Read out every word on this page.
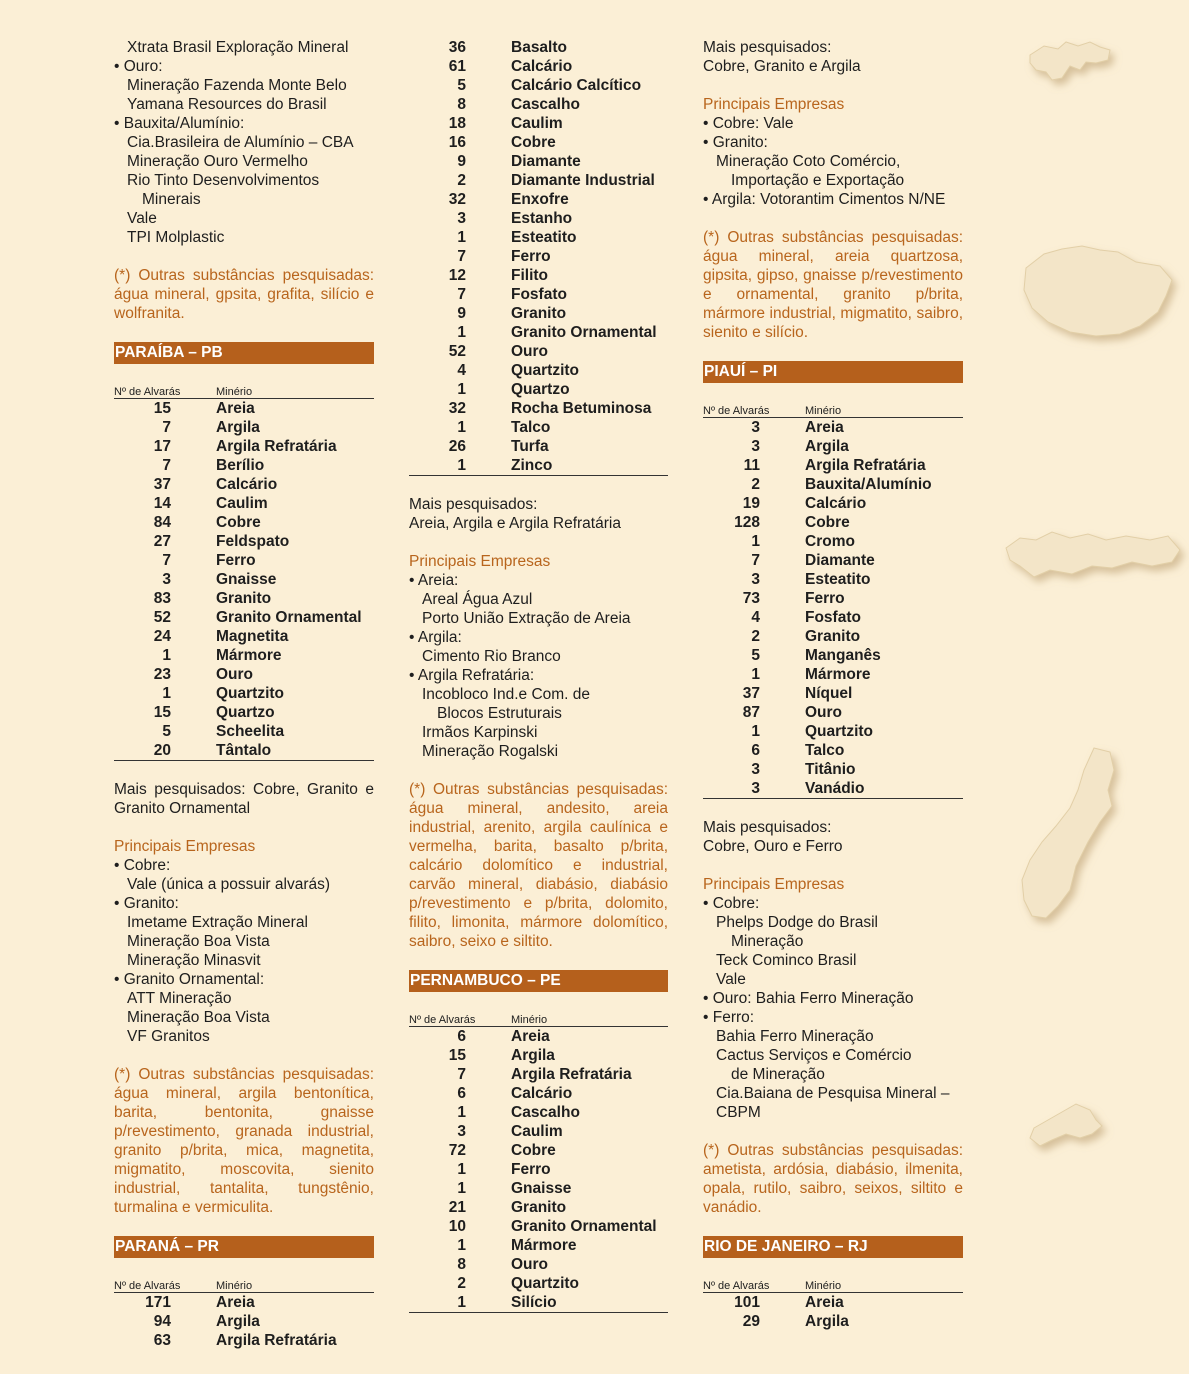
Xtrata Brasil Exploração Mineral
• Ouro:
Mineração Fazenda Monte Belo
Yamana Resources do Brasil
• Bauxita/Alumínio:
Cia.Brasileira de Alumínio – CBA
Mineração Ouro Vermelho
Rio Tinto Desenvolvimentos
Minerais
Vale
TPI Molplastic
(*) Outras substâncias pesquisadas: água mineral, gpsita, grafita, silício e wolfranita.
PARAÍBA – PB
Nº de Alvarás	Minério
15	Areia
7	Argila
17	Argila Refratária
7	Berílio
37	Calcário
14	Caulim
84	Cobre
27	Feldspato
7	Ferro
3	Gnaisse
83	Granito
52	Granito Ornamental
24	Magnetita
1	Mármore
23	Ouro
1	Quartzito
15	Quartzo
5	Scheelita
20	Tântalo
Mais pesquisados: Cobre, Granito e Granito Ornamental
Principais Empresas
• Cobre:
Vale (única a possuir alvarás)
• Granito:
Imetame Extração Mineral
Mineração Boa Vista
Mineração Minasvit
• Granito Ornamental:
ATT Mineração
Mineração Boa Vista
VF Granitos
(*) Outras substâncias pesquisadas: água mineral, argila bentonítica, barita, bentonita, gnaisse p/revestimento, granada industrial, granito p/brita, mica, magnetita, migmatito, moscovita, sienito industrial, tantalita, tungstênio, turmalina e vermiculita.
PARANÁ – PR
Nº de Alvarás	Minério
171	Areia
94	Argila
63	Argila Refratária
36	Basalto
61	Calcário
5	Calcário Calcítico
8	Cascalho
18	Caulim
16	Cobre
9	Diamante
2	Diamante Industrial
32	Enxofre
3	Estanho
1	Esteatito
7	Ferro
12	Filito
7	Fosfato
9	Granito
1	Granito Ornamental
52	Ouro
4	Quartzito
1	Quartzo
32	Rocha Betuminosa
1	Talco
26	Turfa
1	Zinco
Mais pesquisados:
Areia, Argila e Argila Refratária
Principais Empresas
• Areia:
Areal Água Azul
Porto União Extração de Areia
• Argila:
Cimento Rio Branco
• Argila Refratária:
Incobloco Ind.e Com. de
Blocos Estruturais
Irmãos Karpinski
Mineração Rogalski
(*) Outras substâncias pesquisadas: água mineral, andesito, areia industrial, arenito, argila caulínica e vermelha, barita, basalto p/brita, calcário dolomítico e industrial, carvão mineral, diabásio, diabásio p/revestimento e p/brita, dolomito, filito, limonita, mármore dolomítico, saibro, seixo e siltito.
PERNAMBUCO – PE
Nº de Alvarás	Minério
6	Areia
15	Argila
7	Argila Refratária
6	Calcário
1	Cascalho
3	Caulim
72	Cobre
1	Ferro
1	Gnaisse
21	Granito
10	Granito Ornamental
1	Mármore
8	Ouro
2	Quartzito
1	Silício
Mais pesquisados:
Cobre, Granito e Argila
Principais Empresas
• Cobre: Vale
• Granito:
Mineração Coto Comércio,
Importação e Exportação
• Argila: Votorantim Cimentos N/NE
(*) Outras substâncias pesquisadas: água mineral, areia quartzosa, gipsita, gipso, gnaisse p/revestimento e ornamental, granito p/brita, mármore industrial, migmatito, saibro, sienito e silício.
PIAUÍ – PI
Nº de Alvarás	Minério
3	Areia
3	Argila
11	Argila Refratária
2	Bauxita/Alumínio
19	Calcário
128	Cobre
1	Cromo
7	Diamante
3	Esteatito
73	Ferro
4	Fosfato
2	Granito
5	Manganês
1	Mármore
37	Níquel
87	Ouro
1	Quartzito
6	Talco
3	Titânio
3	Vanádio
Mais pesquisados:
Cobre, Ouro e Ferro
Principais Empresas
• Cobre:
Phelps Dodge do Brasil
Mineração
Teck Cominco Brasil
Vale
• Ouro: Bahia Ferro Mineração
• Ferro:
Bahia Ferro Mineração
Cactus Serviços e Comércio
de Mineração
Cia.Baiana de Pesquisa Mineral –
CBPM
(*) Outras substâncias pesquisadas: ametista, ardósia, diabásio, ilmenita, opala, rutilo, saibro, seixos, siltito e vanádio.
RIO DE JANEIRO – RJ
Nº de Alvarás	Minério
101	Areia
29	Argila
